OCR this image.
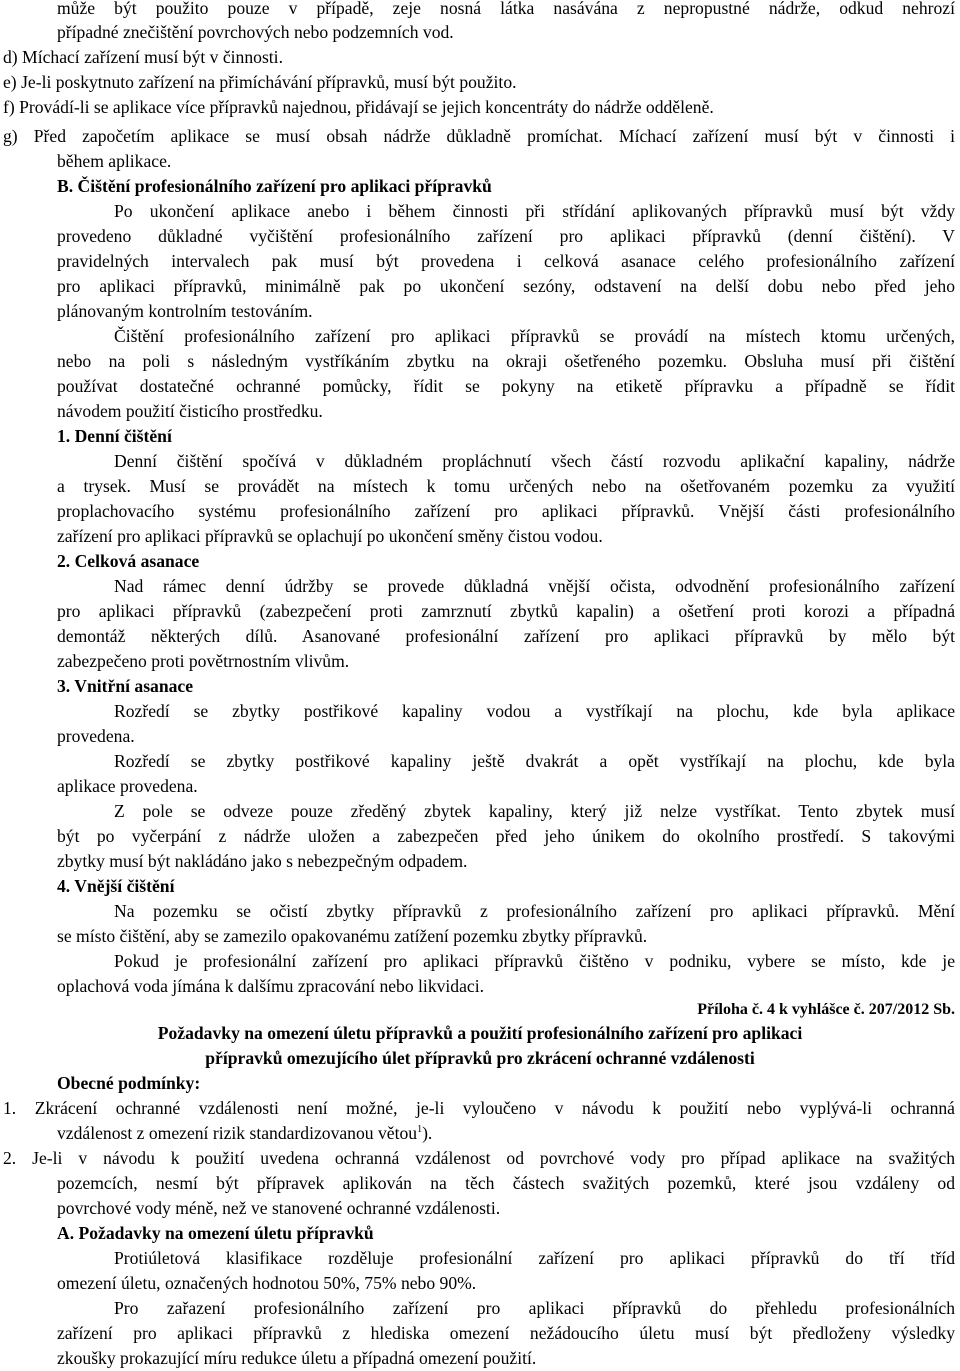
může být použito pouze v případě, zeje nosná látka nasávána z nepropustné nádrže, odkud nehrozí
případné znečištění povrchových nebo podzemních vod.
d) Míchací zařízení musí být v činnosti.
e) Je-li poskytnuto zařízení na přimíchávání přípravků, musí být použito.
f) Provádí-li se aplikace více přípravků najednou, přidávají se jejich koncentráty do nádrže odděleně.
g) Před započetím aplikace se musí obsah nádrže důkladně promíchat. Míchací zařízení musí být v činnosti i
během aplikace.
B. Čištění profesionálního zařízení pro aplikaci přípravků
Po ukončení aplikace anebo i během činnosti při střídání aplikovaných přípravků musí být vždy
provedeno důkladné vyčištění profesionálního zařízení pro aplikaci přípravků (denní čištění). V
pravidelných intervalech pak musí být provedena i celková asanace celého profesionálního zařízení
pro aplikaci přípravků, minimálně pak po ukončení sezóny, odstavení na delší dobu nebo před jeho
plánovaným kontrolním testováním.
Čištění profesionálního zařízení pro aplikaci přípravků se provádí na místech ktomu určených,
nebo na poli s následným vystříkáním zbytku na okraji ošetřeného pozemku. Obsluha musí při čištění
používat dostatečné ochranné pomůcky, řídit se pokyny na etiketě přípravku a případně se řídit
návodem použití čisticího prostředku.
1. Denní čištění
Denní čištění spočívá v důkladném propláchnutí všech částí rozvodu aplikační kapaliny, nádrže
a trysek. Musí se provádět na místech k tomu určených nebo na ošetřovaném pozemku za využití
proplachovacího systému profesionálního zařízení pro aplikaci přípravků. Vnější části profesionálního
zařízení pro aplikaci přípravků se oplachují po ukončení směny čistou vodou.
2. Celková asanace
Nad rámec denní údržby se provede důkladná vnější očista, odvodnění profesionálního zařízení
pro aplikaci přípravků (zabezpečení proti zamrznutí zbytků kapalin) a ošetření proti korozi a případná
demontáž některých dílů. Asanované profesionální zařízení pro aplikaci přípravků by mělo být
zabezpečeno proti povětrnostním vlivům.
3. Vnitřní asanace
Rozředí se zbytky postřikové kapaliny vodou a vystříkají na plochu, kde byla aplikace
provedena.
Rozředí se zbytky postřikové kapaliny ještě dvakrát a opět vystříkají na plochu, kde byla
aplikace provedena.
Z pole se odveze pouze zředěný zbytek kapaliny, který již nelze vystříkat. Tento zbytek musí
být po vyčerpání z nádrže uložen a zabezpečen před jeho únikem do okolního prostředí. S takovými
zbytky musí být nakládáno jako s nebezpečným odpadem.
4. Vnější čištění
Na pozemku se očistí zbytky přípravků z profesionálního zařízení pro aplikaci přípravků. Mění
se místo čištění, aby se zamezilo opakovanému zatížení pozemku zbytky přípravků.
Pokud je profesionální zařízení pro aplikaci přípravků čištěno v podniku, vybere se místo, kde je
oplachová voda jímána k dalšímu zpracování nebo likvidaci.
Příloha č. 4 k vyhlášce č. 207/2012 Sb.
Požadavky na omezení úletu přípravků a použití profesionálního zařízení pro aplikaci
přípravků omezujícího úlet přípravků pro zkrácení ochranné vzdálenosti
Obecné podmínky:
1. Zkrácení ochranné vzdálenosti není možné, je-li vyloučeno v návodu k použití nebo vyplývá-li ochranná
vzdálenost z omezení rizik standardizovanou větou$^1$).
2. Je-li v návodu k použití uvedena ochranná vzdálenost od povrchové vody pro případ aplikace na svažitých
pozemcích, nesmí být přípravek aplikován na těch částech svažitých pozemků, které jsou vzdáleny od
povrchové vody méně, než ve stanovené ochranné vzdálenosti.
A. Požadavky na omezení úletu přípravků
Protiúletová klasifikace rozděluje profesionální zařízení pro aplikaci přípravků do tří tříd
omezení úletu, označených hodnotou 50%, 75% nebo 90%.
Pro zařazení profesionálního zařízení pro aplikaci přípravků do přehledu profesionálních
zařízení pro aplikaci přípravků z hlediska omezení nežádoucího úletu musí být předloženy výsledky
zkoušky prokazující míru redukce úletu a případná omezení použití.
